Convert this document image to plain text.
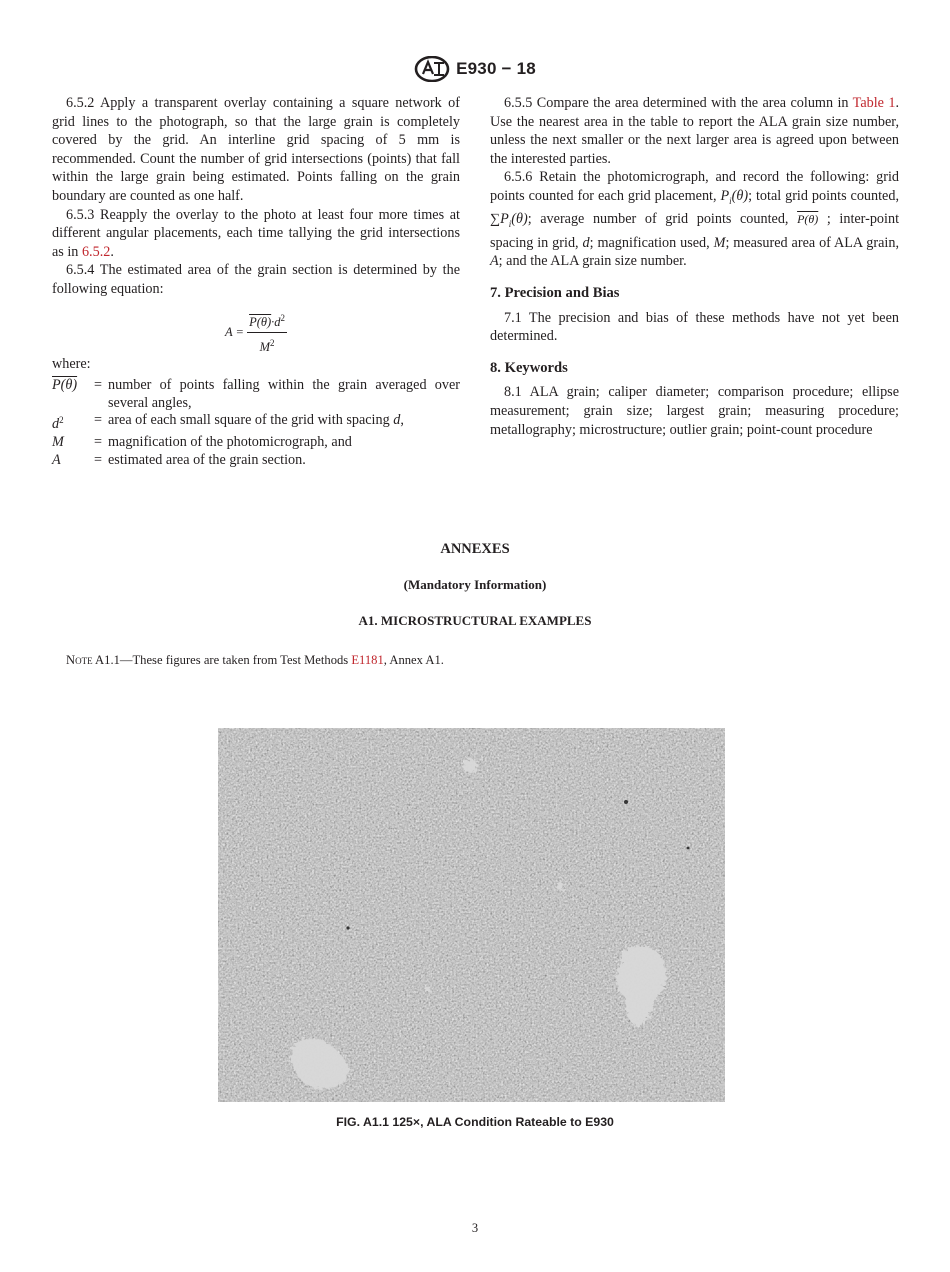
E930 − 18

6.5.2 Apply a transparent overlay containing a square network of grid lines to the photograph, so that the large grain is completely covered by the grid. An interline grid spacing of 5 mm is recommended. Count the number of grid intersections (points) that fall within the large grain being estimated. Points falling on the grain boundary are counted as one half.

6.5.3 Reapply the overlay to the photo at least four more times at different angular placements, each time tallying the grid intersections as in 6.5.2.

6.5.4 The estimated area of the grain section is determined by the following equation:

$A = \frac{P(\theta)\cdot d^2}{M^2}$

where:

P(θ)	=	number of points falling within the grain averaged over several angles,
$d^2$	=	area of each small square of the grid with spacing d,
M	=	magnification of the photomicrograph, and
A	=	estimated area of the grain section.

6.5.5 Compare the area determined with the area column in Table 1. Use the nearest area in the table to report the ALA grain size number, unless the next smaller or the next larger area is agreed upon between the interested parties.

6.5.6 Retain the photomicrograph, and record the following: grid points counted for each grid placement, $P_i(\theta)$; total grid points counted, $\sum P_i(\theta)$; average number of grid points counted, P(θ) ; inter-point spacing in grid, d; magnification used, M; measured area of ALA grain, A; and the ALA grain size number.

7. Precision and Bias

7.1 The precision and bias of these methods have not yet been determined.

8. Keywords

8.1 ALA grain; caliper diameter; comparison procedure; ellipse measurement; grain size; largest grain; measuring procedure; metallography; microstructure; outlier grain; point-count procedure

ANNEXES
(Mandatory Information)
A1. MICROSTRUCTURAL EXAMPLES
Note A1.1—These figures are taken from Test Methods E1181, Annex A1.
FIG. A1.1 125×, ALA Condition Rateable to E930
3
